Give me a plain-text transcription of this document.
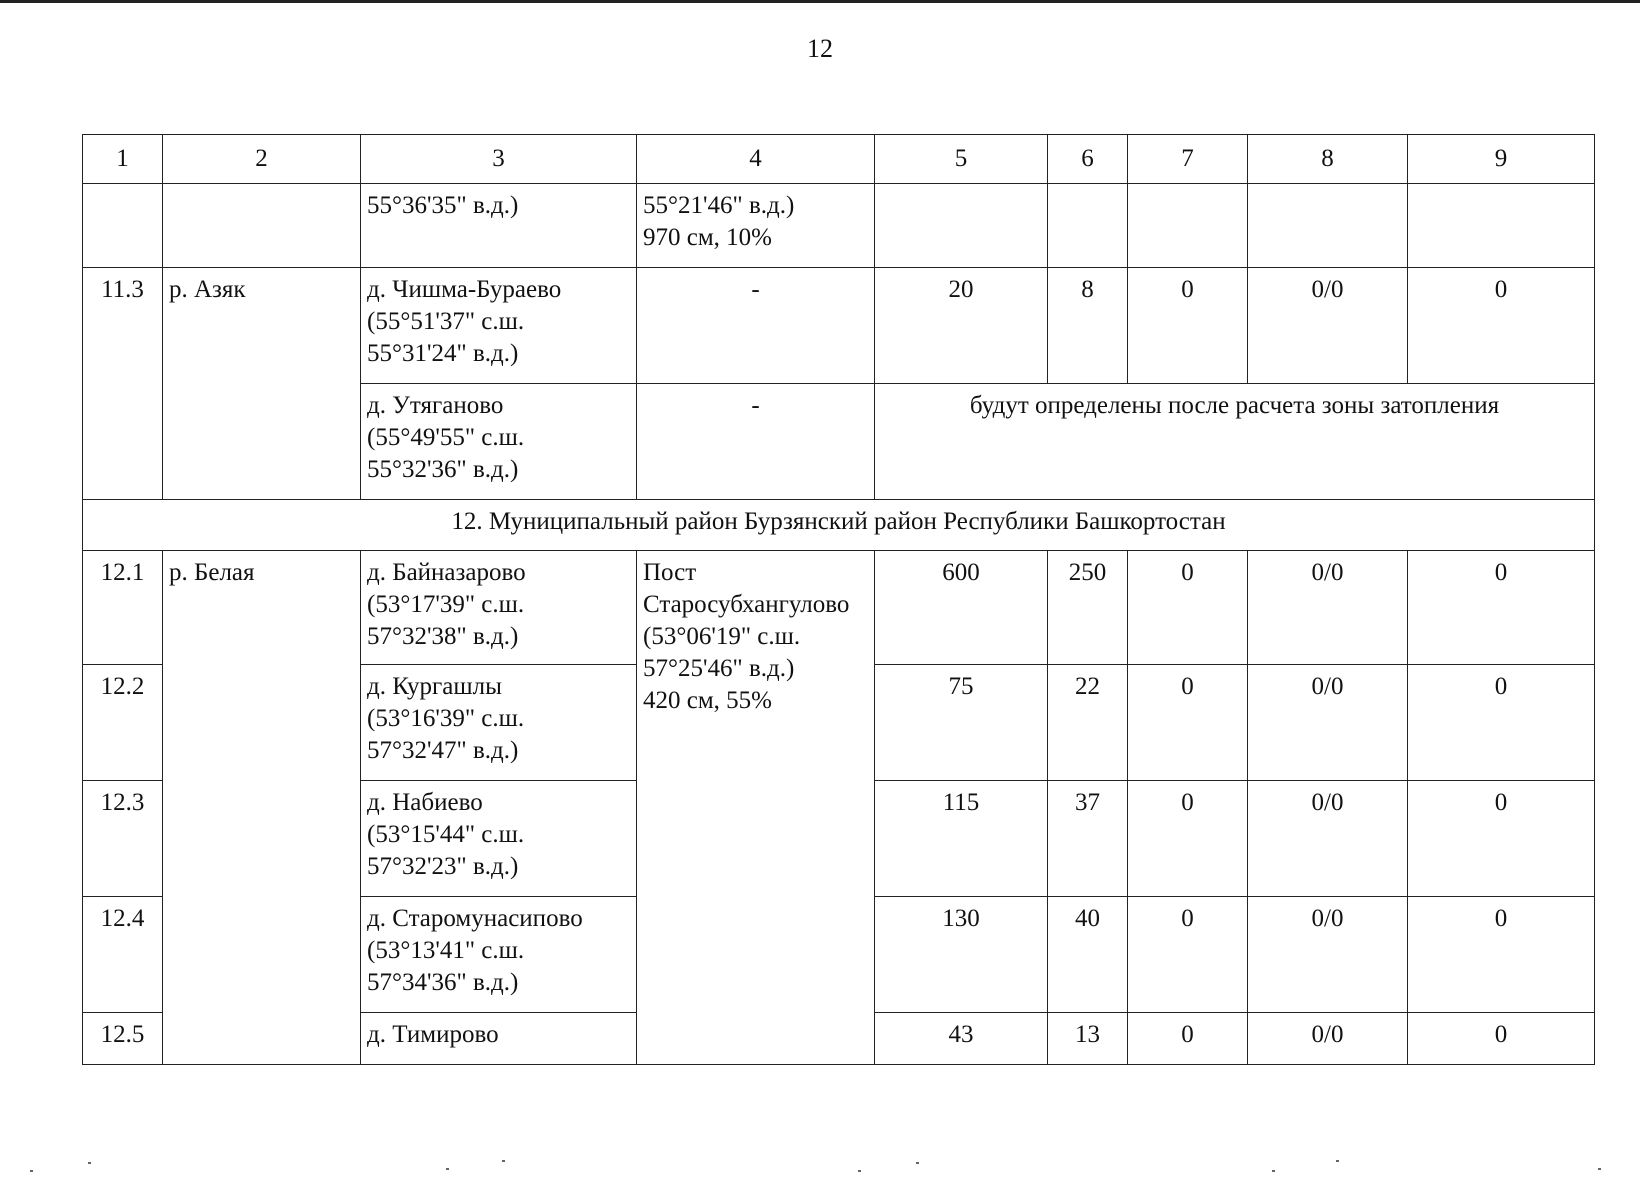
12
1	2	3	4	5	6	7	8	9
		55°36'35" в.д.)	55°21'46" в.д.)
970 см, 10%					
11.3	р. Азяк	д. Чишма-Бураево
(55°51'37" с.ш.
55°31'24" в.д.)	-	20	8	0	0/0	0
		д. Утяганово
(55°49'55" с.ш.
55°32'36" в.д.)	-	будут определены после расчета зоны затопления				
12. Муниципальный район Бурзянский район Республики Башкортостан								
12.1	р. Белая	д. Байназарово
(53°17'39" с.ш.
57°32'38" в.д.)	Пост
Старосубхангулово
(53°06'19" с.ш.
57°25'46" в.д.)
420 см, 55%	600	250	0	0/0	0
12.2		д. Кургашлы
(53°16'39" с.ш.
57°32'47" в.д.)		75	22	0	0/0	0
12.3		д. Набиево
(53°15'44" с.ш.
57°32'23" в.д.)		115	37	0	0/0	0
12.4		д. Старомунасипово
(53°13'41" с.ш.
57°34'36" в.д.)		130	40	0	0/0	0
12.5		д. Тимирово		43	13	0	0/0	0
